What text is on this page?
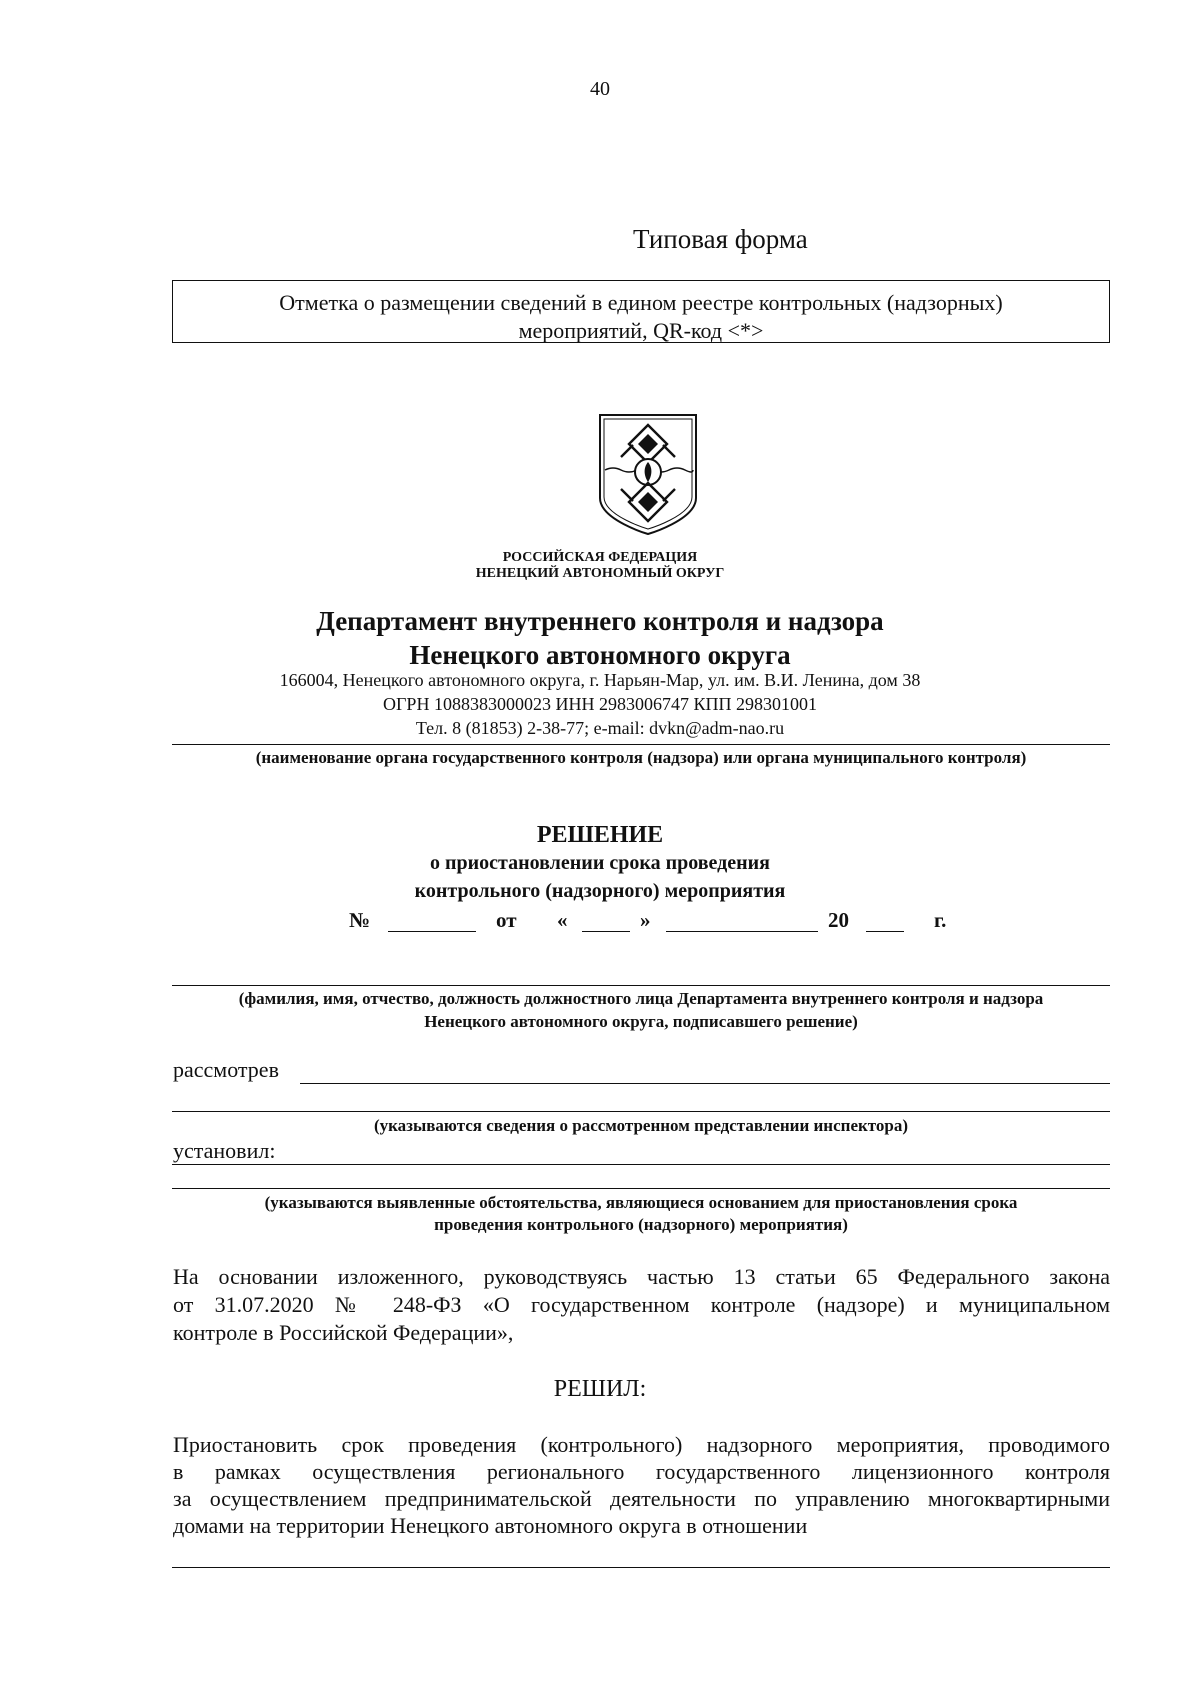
40
Типовая форма
Отметка о размещении сведений в едином реестре контрольных (надзорных)
мероприятий, QR-код <*>
РОССИЙСКАЯ ФЕДЕРАЦИЯ
НЕНЕЦКИЙ АВТОНОМНЫЙ ОКРУГ
Департамент внутреннего контроля и надзора
Ненецкого автономного округа
166004, Ненецкого автономного округа, г. Нарьян-Мар, ул. им. В.И. Ленина, дом 38
ОГРН 1088383000023 ИНН 2983006747 КПП 298301001
Тел. 8 (81853) 2-38-77; e-mail: dvkn@adm-nao.ru
(наименование органа государственного контроля (надзора) или органа муниципального контроля)
РЕШЕНИЕ
о приостановлении срока проведения
контрольного (надзорного) мероприятия
№	от «	»	20	г.
(фамилия, имя, отчество, должность должностного лица Департамента внутреннего контроля и надзора
Ненецкого автономного округа, подписавшего решение)
рассмотрев
(указываются сведения о рассмотренном представлении инспектора)
установил:
(указываются выявленные обстоятельства, являющиеся основанием для приостановления срока
проведения контрольного (надзорного) мероприятия)
На основании изложенного, руководствуясь частью 13 статьи 65 Федерального закона
от 31.07.2020 № 248-ФЗ «О государственном контроле (надзоре) и муниципальном
контроле в Российской Федерации»,
РЕШИЛ:
Приостановить срок проведения (контрольного) надзорного мероприятия, проводимого
в рамках осуществления регионального государственного лицензионного контроля
за осуществлением предпринимательской деятельности по управлению многоквартирными
домами на территории Ненецкого автономного округа в отношении
